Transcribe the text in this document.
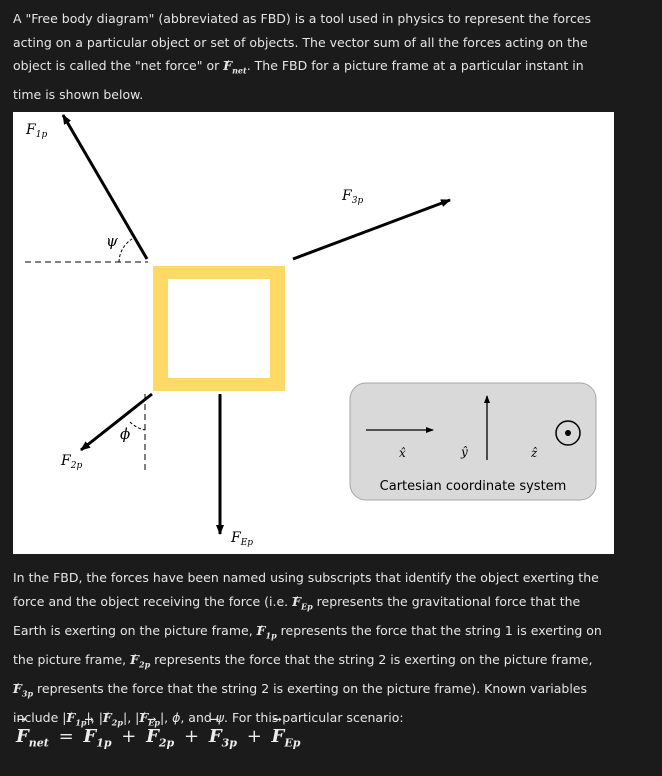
A "Free body diagram" (abbreviated as FBD) is a tool used in physics to represent the forces acting on a particular object or set of objects. The vector sum of all the forces acting on the object is called the "net force" or → $F_{net}$. The FBD for a picture frame at a particular instant in time is shown below.

$F_{1p}$
$F_{2p}$
$F_{3p}$
$F_{Ep}$
ψ
ϕ
x̂	ŷ	ẑ
Cartesian coordinate system

In the FBD, the forces have been named using subscripts that identify the object exerting the force and the object receiving the force (i.e. → $F_{Ep}$ represents the gravitational force that the Earth is exerting on the picture frame, → $F_{1p}$ represents the force that the string 1 is exerting on the picture frame, → $F_{2p}$ represents the force that the string 2 is exerting on the picture frame, → $F_{3p}$ represents the force that the string 2 is exerting on the picture frame). Known variables include |→ $F_{1p}|$, |→ $F_{2p}|$, |→ $F_{Ep}|$, ϕ, and ψ. For this particular scenario:

→ $F_{net}$ = → $F_{1p}$ + → $F_{2p}$ + → $F_{3p}$ + → $F_{Ep}$
